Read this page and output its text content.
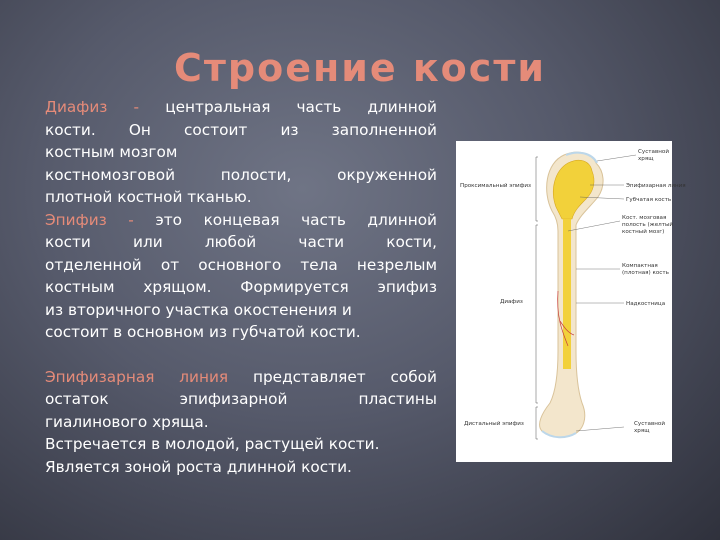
Строение кости

Диафиз - центральная часть длинной
кости. Он состоит из заполненной
костным мозгом
костномозговой полости, окруженной
плотной костной тканью.

Эпифиз - это концевая часть длинной
кости или любой части кости,
отделенной от основного тела незрелым
костным хрящом. Формируется эпифиз
из вторичного участка окостенения и
состоит в основном из губчатой кости.

Эпифизарная линия представляет собой
остаток эпифизарной пластины
гиалинового хряща.

Встречается в молодой, растущей кости.
Является зоной роста длинной кости.

Проксимальный эпифиз
Диафиз
Дистальный эпифиз
Суставной
хрящ
Эпифизарная линия
Губчатая кость
Кост. мозговая
полость (желтый
костный мозг)
Компактная
(плотная) кость
Надкостница
Суставной
хрящ
